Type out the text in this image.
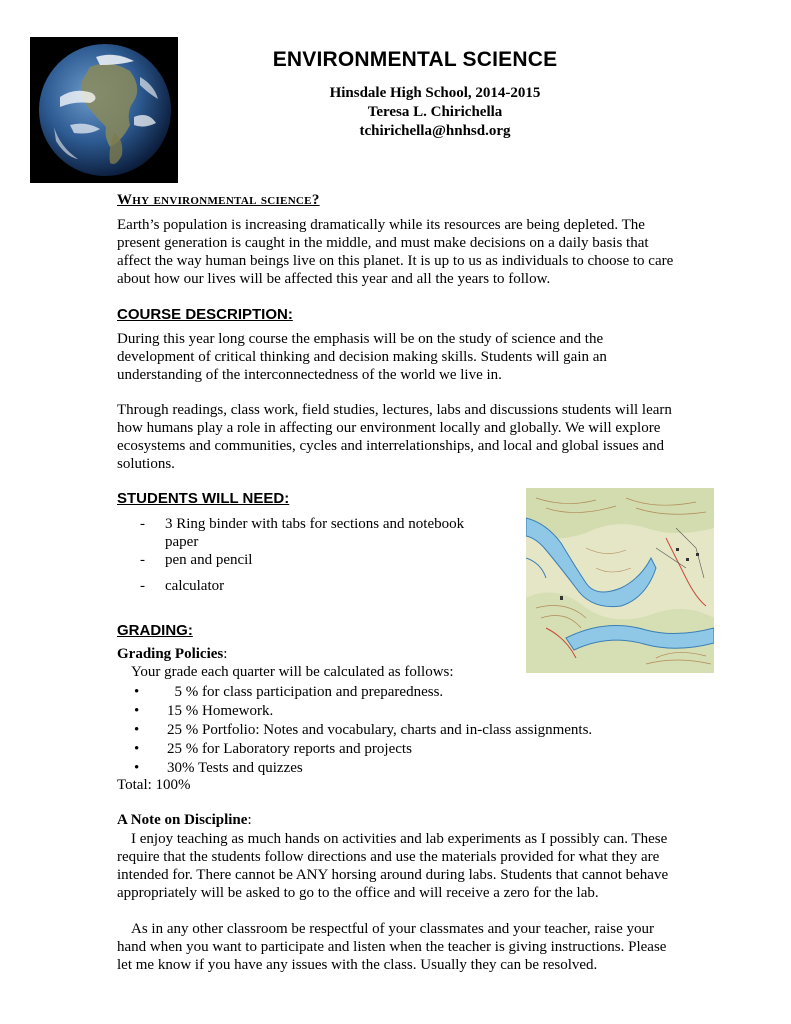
ENVIRONMENTAL SCIENCE
Hinsdale High School, 2014-2015
Teresa L. Chirichella
tchirichella@hnhsd.org
Why environmental science?

Earth’s population is increasing dramatically while its resources are being depleted. The present generation is caught in the middle, and must make decisions on a daily basis that affect the way human beings live on this planet. It is up to us as individuals to choose to care about how our lives will be affected this year and all the years to follow.

COURSE DESCRIPTION:

During this year long course the emphasis will be on the study of science and the development of critical thinking and decision making skills. Students will gain an understanding of the interconnectedness of the world we live in.

Through readings, class work, field studies, lectures, labs and discussions students will learn how humans play a role in affecting our environment locally and globally. We will explore ecosystems and communities, cycles and interrelationships, and local and global issues and solutions.

STUDENTS WILL NEED:
- 3 Ring binder with tabs for sections and notebook paper
- pen and pencil
- calculator
GRADING:
Grading Policies:
Your grade each quarter will be calculated as follows:
•   5 % for class participation and preparedness.
• 15 % Homework.
• 25 % Portfolio: Notes and vocabulary, charts and in-class assignments.
• 25 % for Laboratory reports and projects
• 30% Tests and quizzes
Total: 100%
A Note on Discipline:

I enjoy teaching as much hands on activities and lab experiments as I possibly can. These require that the students follow directions and use the materials provided for what they are intended for. There cannot be ANY horsing around during labs. Students that cannot behave appropriately will be asked to go to the office and will receive a zero for the lab.

As in any other classroom be respectful of your classmates and your teacher, raise your hand when you want to participate and listen when the teacher is giving instructions. Please let me know if you have any issues with the class. Usually they can be resolved.
